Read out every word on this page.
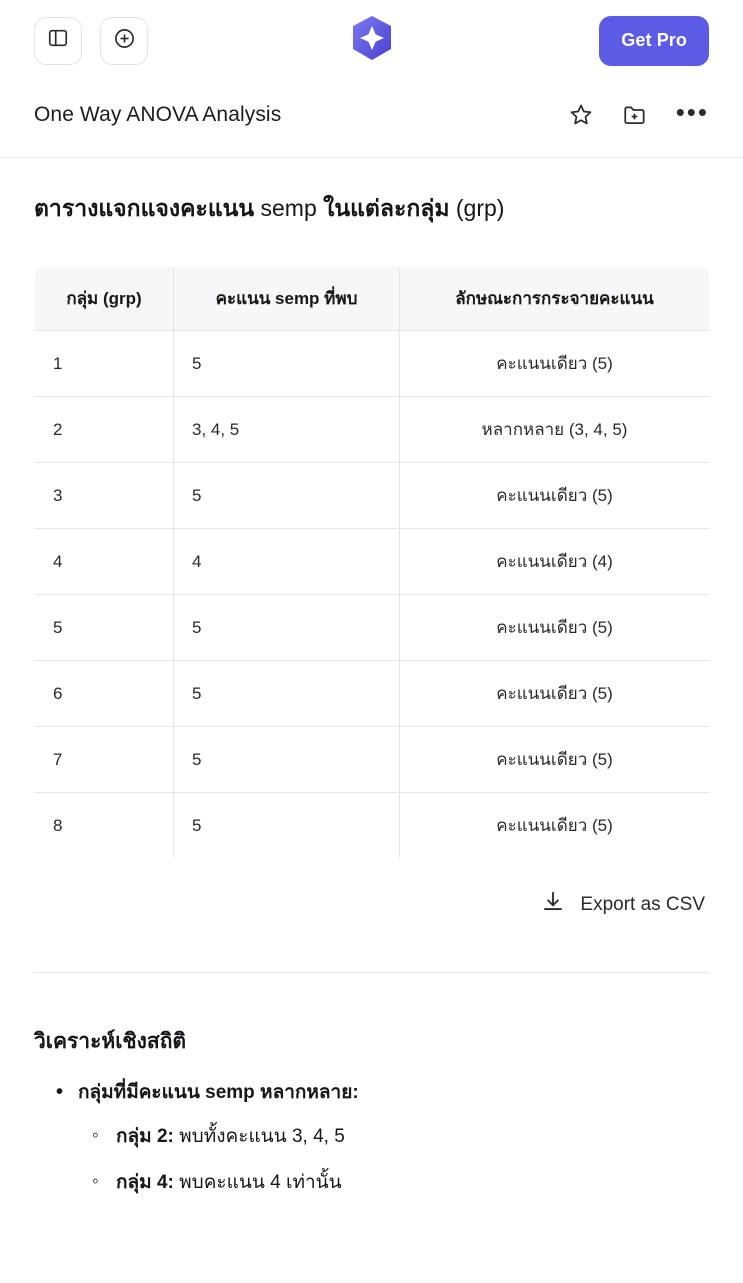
Get Pro
One Way ANOVA Analysis	•••
ตารางแจกแจงคะแนน semp ในแต่ละกลุ่ม (grp)
กลุ่ม (grp)	คะแนน semp ที่พบ	ลักษณะการกระจายคะแนน
1	5	คะแนนเดียว (5)
2	3, 4, 5	หลากหลาย (3, 4, 5)
3	5	คะแนนเดียว (5)
4	4	คะแนนเดียว (4)
5	5	คะแนนเดียว (5)
6	5	คะแนนเดียว (5)
7	5	คะแนนเดียว (5)
8	5	คะแนนเดียว (5)
Export as CSV
วิเคราะห์เชิงสถิติ
• กลุ่มที่มีคะแนน semp หลากหลาย:
◦ กลุ่ม 2: พบทั้งคะแนน 3, 4, 5
◦ กลุ่ม 4: พบคะแนน 4 เท่านั้น
